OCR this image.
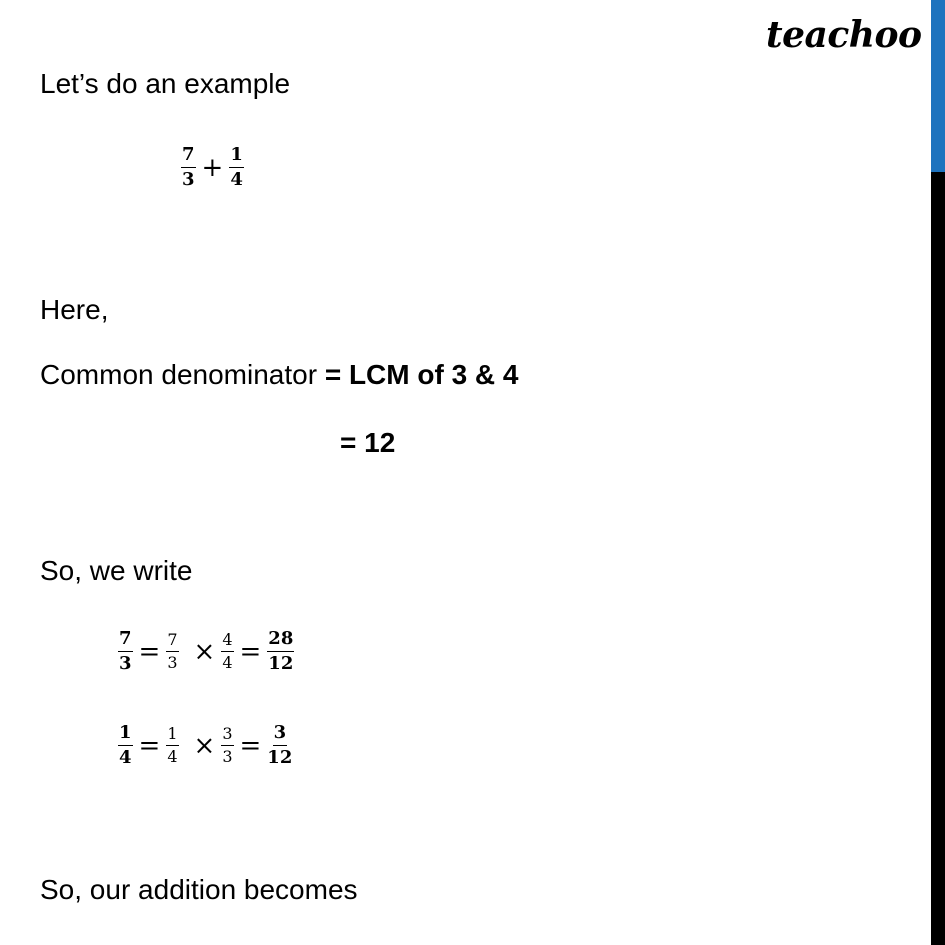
teachoo
Let’s do an example
$\frac{7}{3} + \frac{1}{4}$
Here,
Common denominator = LCM of 3 & 4
= 12
So, we write
$\frac{7}{3} = \frac{7}{3} \times \frac{4}{4} = \frac{28}{12}$
$\frac{1}{4} = \frac{1}{4} \times \frac{3}{3} = \frac{3}{12}$
So, our addition becomes
